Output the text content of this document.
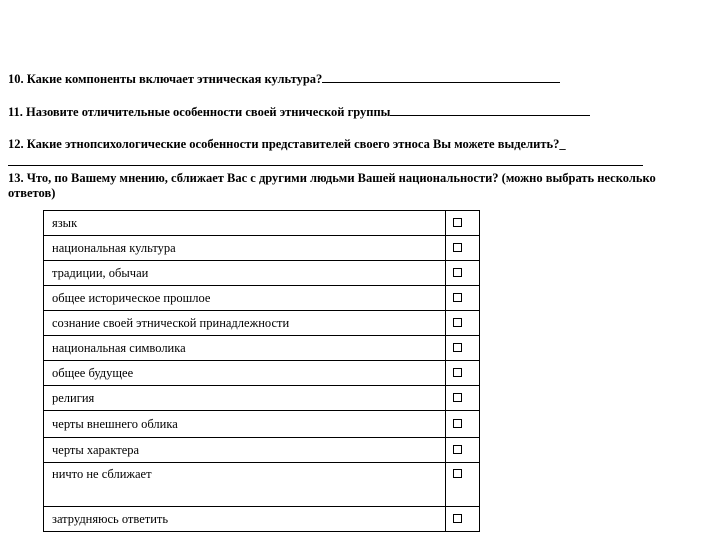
10. Какие компоненты включает этническая культура?
11. Назовите отличительные особенности своей этнической группы
12. Какие этнопсихологические особенности представителей своего этноса Вы можете выделить?_
13. Что, по Вашему мнению, сближает Вас с другими людьми Вашей национальности? (можно выбрать несколько ответов)
язык	
национальная культура	
традиции, обычаи	
общее историческое прошлое	
сознание своей этнической принадлежности	
национальная символика	
общее будущее	
религия	
черты внешнего облика	
черты характера	
ничто не сближает	
затрудняюсь ответить	
